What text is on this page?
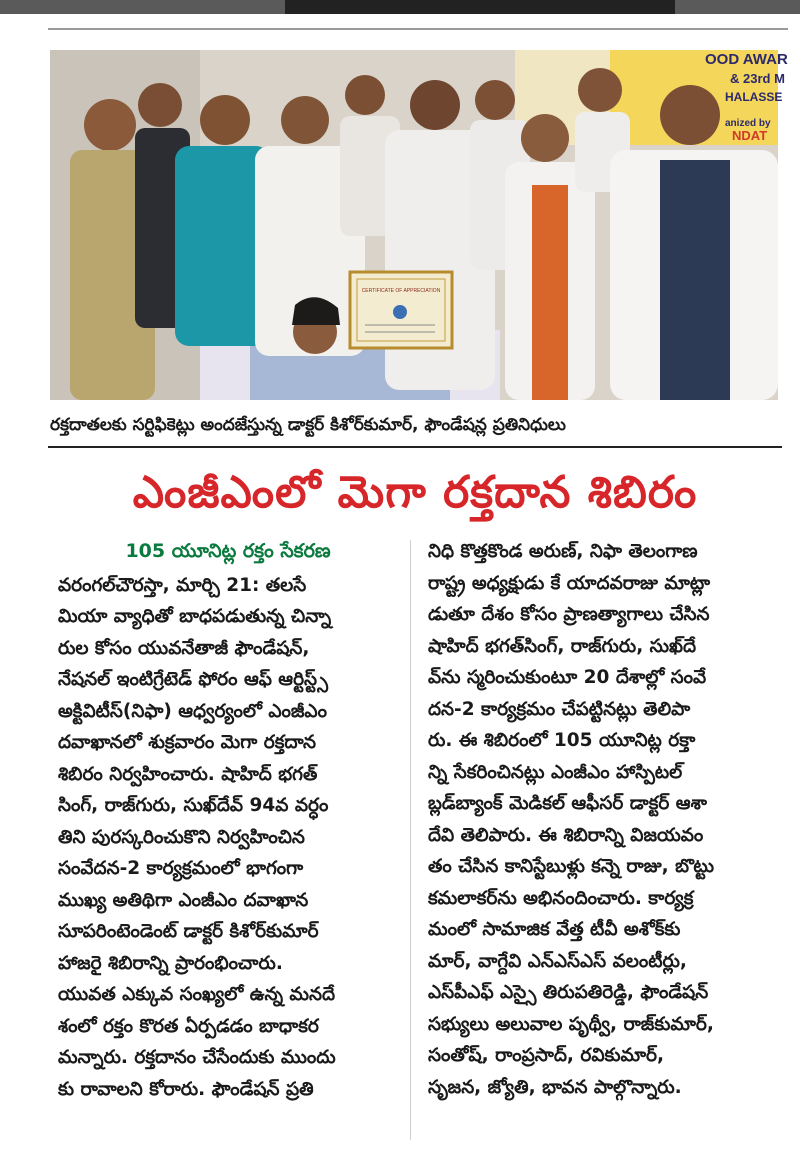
CERTIFICATE OF APPRECIATION
OOD AWAR
& 23rd M
HALASSE
anized by
NDAT
రక్తదాతలకు సర్టిఫికెట్లు అందజేస్తున్న డాక్టర్ కిశోర్‌కుమార్, ఫౌండేషన్ల ప్రతినిధులు
ఎంజీఎంలో మెగా రక్తదాన శిబిరం

105 యూనిట్ల రక్తం సేకరణ

వరంగల్‌చౌరస్తా, మార్చి 21: తలసే

మియా వ్యాధితో బాధపడుతున్న చిన్నా

రుల కోసం యువనేతాజీ ఫౌండేషన్,

నేషనల్ ఇంటిగ్రేటెడ్ ఫోరం ఆఫ్ ఆర్టిస్ట్స్

అక్టివిటీస్(నిఫా) ఆధ్వర్యంలో ఎంజీఎం

దవాఖానలో శుక్రవారం మెగా రక్తదాన

శిబిరం నిర్వహించారు. షాహిద్ భగత్

సింగ్, రాజ్‌గురు, సుఖ్‌దేవ్ 94వ వర్ధం

తిని పురస్కరించుకొని నిర్వహించిన

సంవేదన-2 కార్యక్రమంలో భాగంగా

ముఖ్య అతిథిగా ఎంజీఎం దవాఖాన

సూపరింటెండెంట్ డాక్టర్ కిశోర్‌కుమార్

హాజరై శిబిరాన్ని ప్రారంభించారు.

యువత ఎక్కువ సంఖ్యలో ఉన్న మనదే

శంలో రక్తం కొరత ఏర్పడడం బాధాకర

మన్నారు. రక్తదానం చేసేందుకు ముందు

కు రావాలని కోరారు. ఫౌండేషన్ ప్రతి

నిధి కొత్తకొండ అరుణ్, నిఫా తెలంగాణ

రాష్ట్ర అధ్యక్షుడు కే యాదవరాజు మాట్లా

డుతూ దేశం కోసం ప్రాణత్యాగాలు చేసిన

షాహిద్ భగత్‌సింగ్, రాజ్‌గురు, సుఖ్‌దే

వ్‌ను స్మరించుకుంటూ 20 దేశాల్లో సంవే

దన-2 కార్యక్రమం చేపట్టినట్లు తెలిపా

రు. ఈ శిబిరంలో 105 యూనిట్ల రక్తా

న్ని సేకరించినట్లు ఎంజీఎం హాస్పిటల్

బ్లడ్‌బ్యాంక్ మెడికల్ ఆఫీసర్ డాక్టర్ ఆశా

దేవి తెలిపారు. ఈ శిబిరాన్ని విజయవం

తం చేసిన కానిస్టేబుళ్లు కన్నె రాజు, బొట్టు

కమలాకర్‌ను అభినందించారు. కార్యక్ర

మంలో సామాజిక వేత్త టీవీ అశోక్‌కు

మార్, వాగ్దేవి ఎన్‌ఎస్‌ఎస్ వలంటీర్లు,

ఎస్‌పీఎఫ్ ఎస్సై తిరుపతిరెడ్డి, ఫౌండేషన్

సభ్యులు అలువాల పృథ్వీ, రాజ్‌కుమార్,

సంతోష్, రాంప్రసాద్, రవికుమార్,

సృజన, జ్యోతి, భావన పాల్గొన్నారు.
